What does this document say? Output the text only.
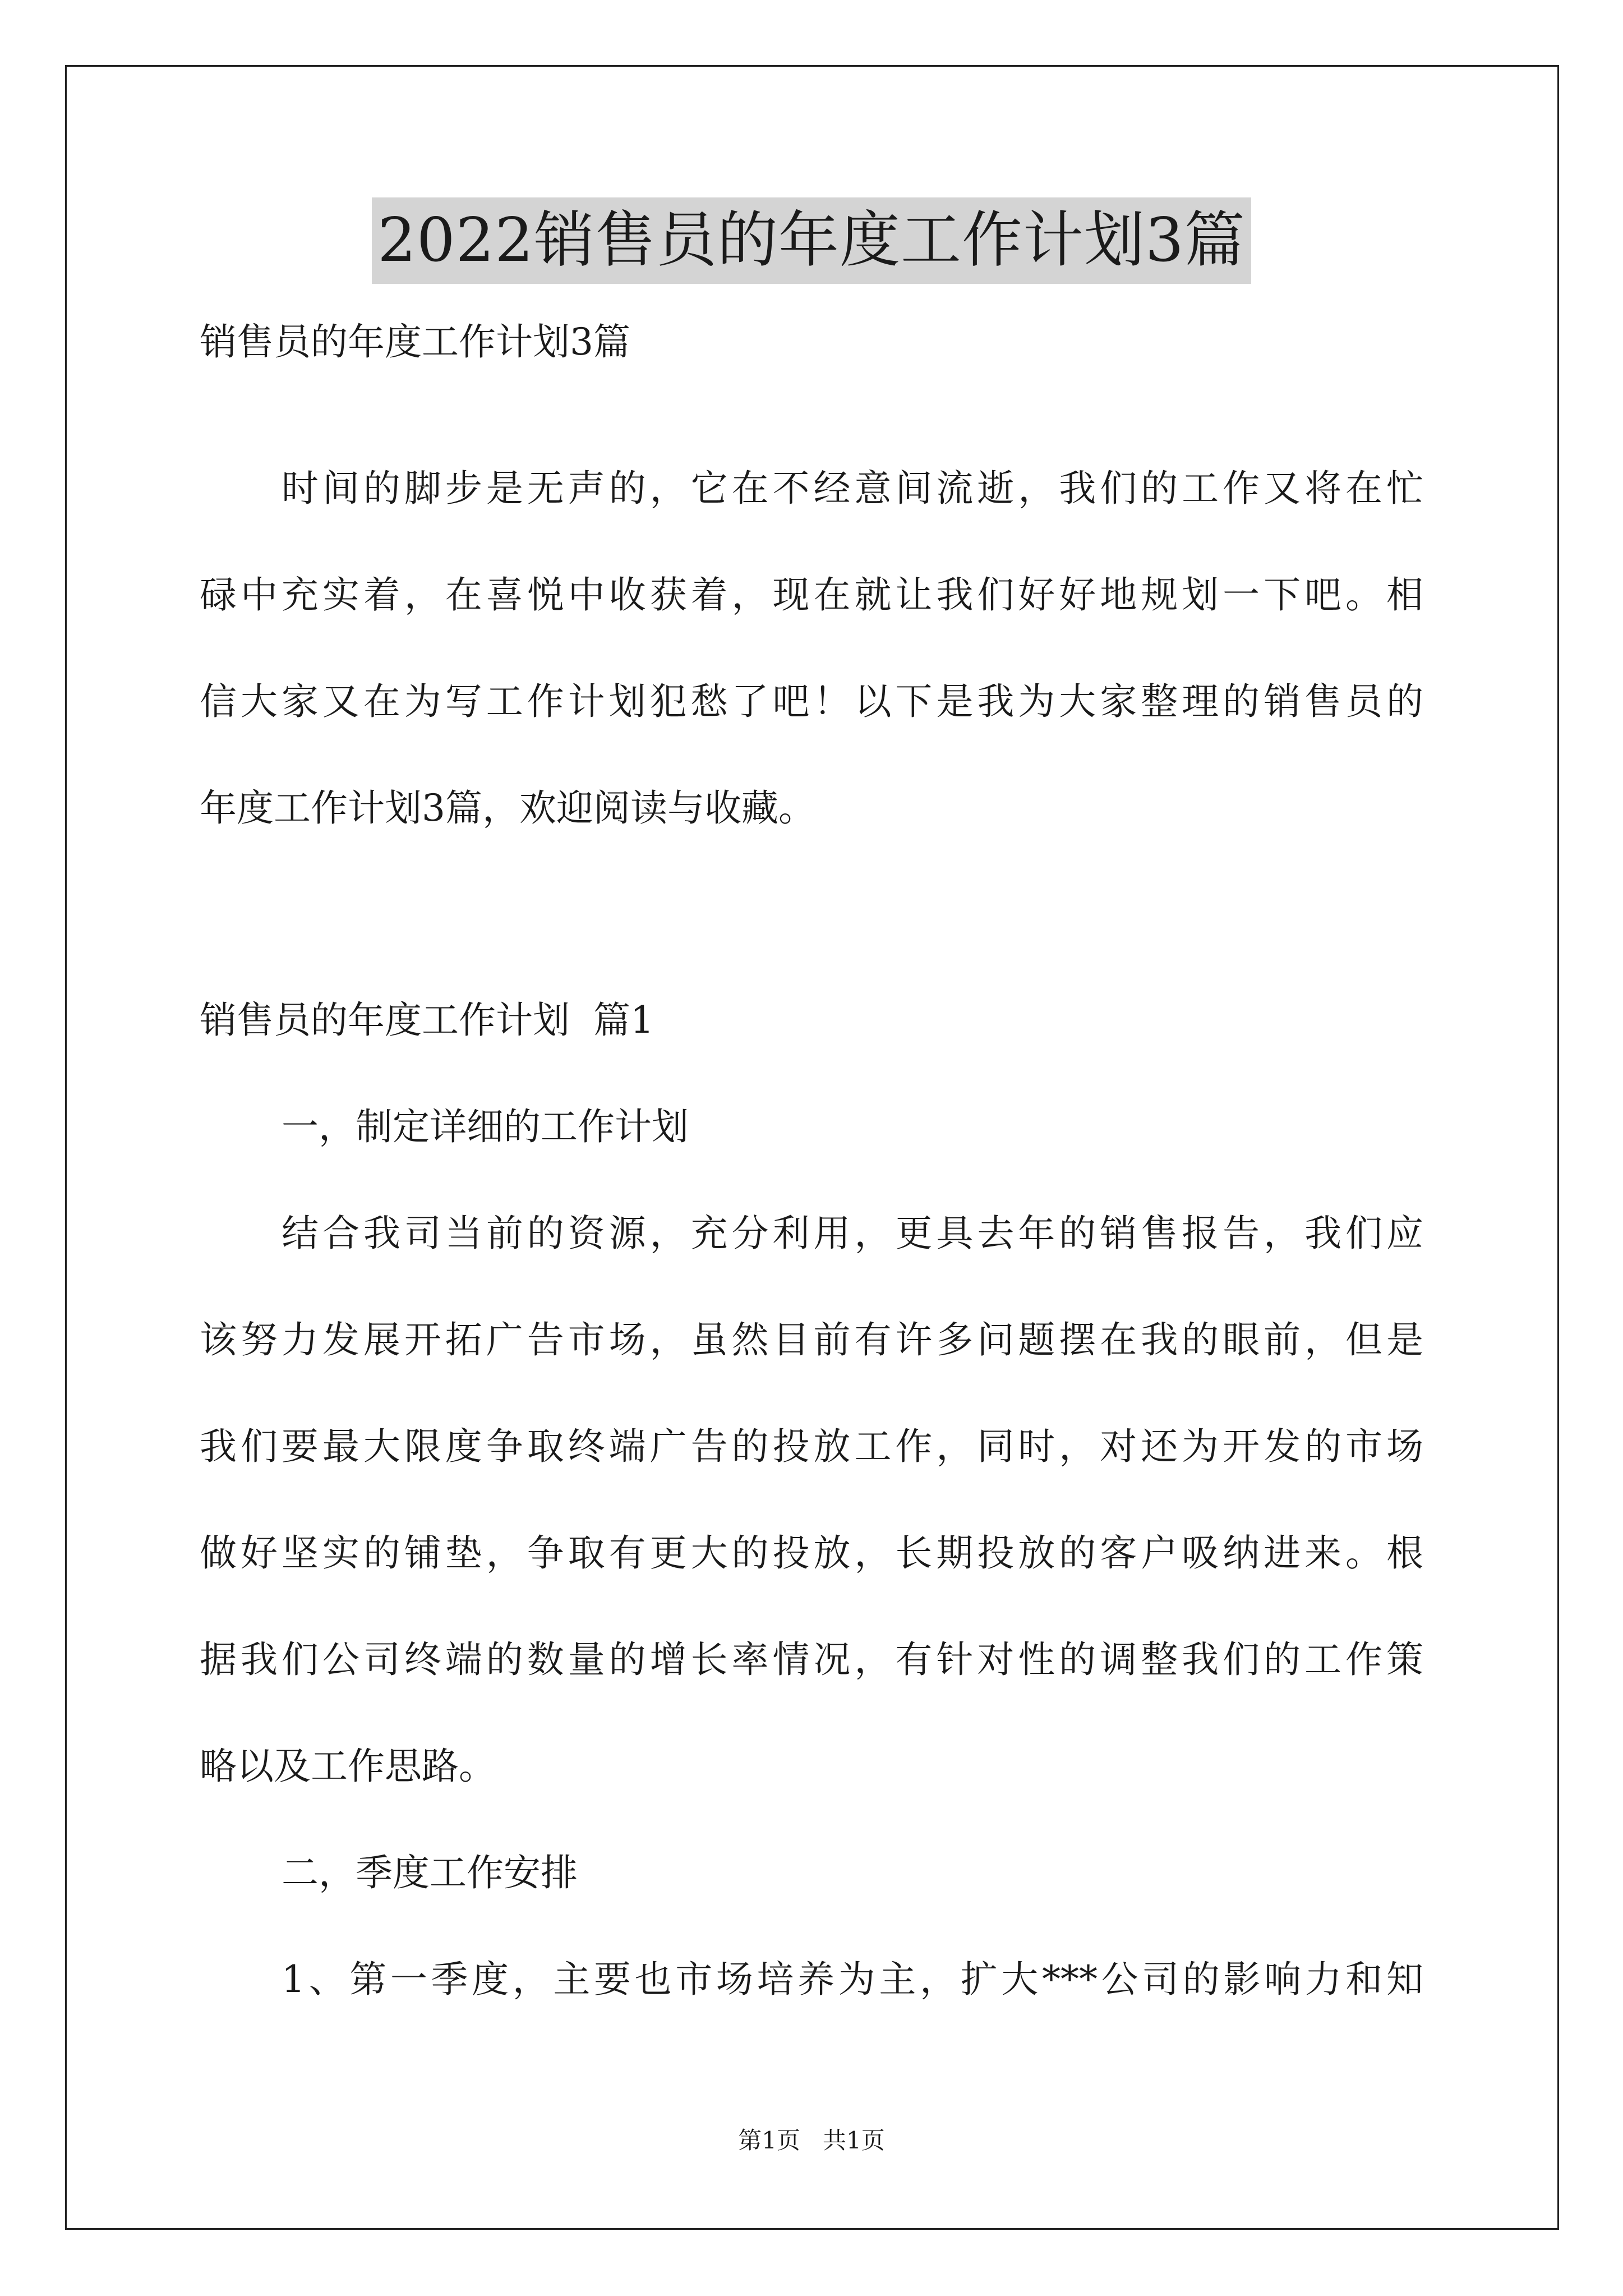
2022销售员的年度工作计划3篇

销售员的年度工作计划3篇

时间的脚步是无声的，它在不经意间流逝，我们的工作又将在忙

碌中充实着，在喜悦中收获着，现在就让我们好好地规划一下吧。相

信大家又在为写工作计划犯愁了吧！以下是我为大家整理的销售员的

年度工作计划3篇，欢迎阅读与收藏。

销售员的年度工作计划  篇1

一，制定详细的工作计划

结合我司当前的资源，充分利用，更具去年的销售报告，我们应

该努力发展开拓广告市场，虽然目前有许多问题摆在我的眼前，但是

我们要最大限度争取终端广告的投放工作，同时，对还为开发的市场

做好坚实的铺垫，争取有更大的投放，长期投放的客户吸纳进来。根

据我们公司终端的数量的增长率情况，有针对性的调整我们的工作策

略以及工作思路。

二，季度工作安排

1、第一季度，主要也市场培养为主，扩大***公司的影响力和知

第1页   共1页
